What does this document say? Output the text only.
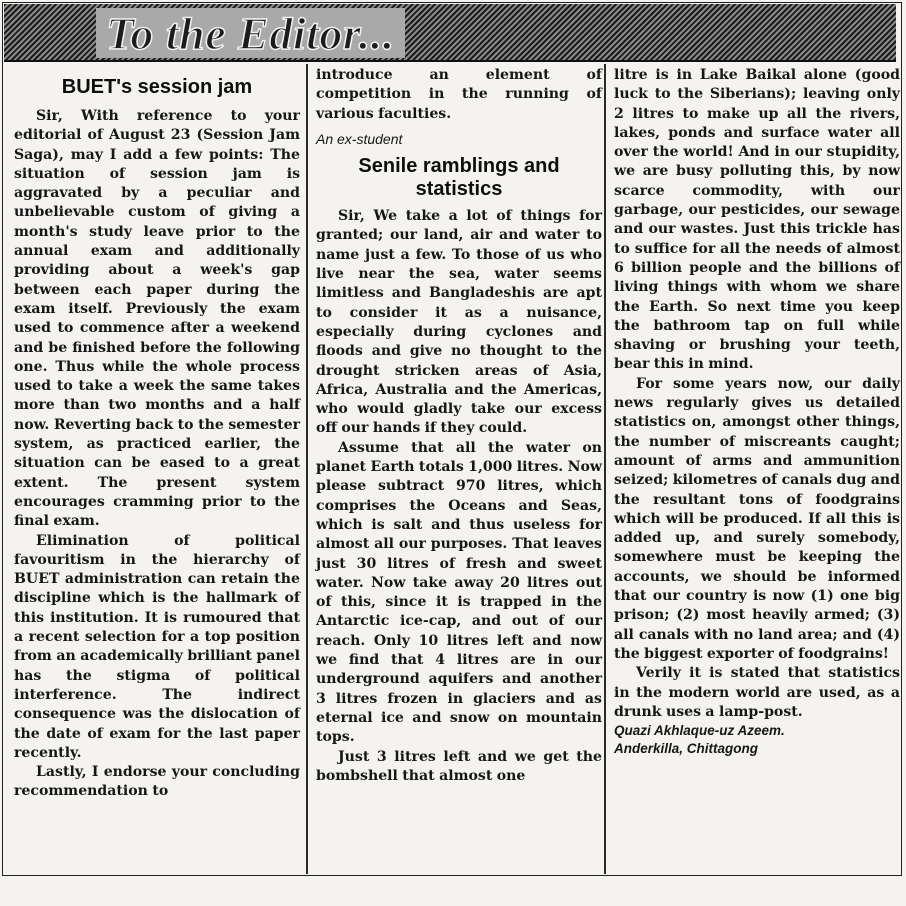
To the Editor...
BUET's session jam

Sir, With reference to your editorial of August 23 (Session Jam Saga), may I add a few points: The situation of session jam is aggravated by a peculiar and unbelievable custom of giving a month's study leave prior to the annual exam and additionally providing about a week's gap between each paper during the exam itself. Previously the exam used to commence after a weekend and be finished before the following one. Thus while the whole process used to take a week the same takes more than two months and a half now. Reverting back to the semester system, as practiced earlier, the situation can be eased to a great extent. The present system encourages cramming prior to the final exam.

Elimination of political favouritism in the hierarchy of BUET administration can retain the discipline which is the hallmark of this institution. It is rumoured that a recent selection for a top position from an academically brilliant panel has the stigma of political interference. The indirect consequence was the dislocation of the date of exam for the last paper recently.

Lastly, I endorse your concluding recommendation to

introduce an element of competition in the running of various faculties.

An ex-student

Senile ramblings and statistics

Sir, We take a lot of things for granted; our land, air and water to name just a few. To those of us who live near the sea, water seems limitless and Bangladeshis are apt to consider it as a nuisance, especially during cyclones and floods and give no thought to the drought stricken areas of Asia, Africa, Australia and the Americas, who would gladly take our excess off our hands if they could.

Assume that all the water on planet Earth totals 1,000 litres. Now please subtract 970 litres, which comprises the Oceans and Seas, which is salt and thus useless for almost all our purposes. That leaves just 30 litres of fresh and sweet water. Now take away 20 litres out of this, since it is trapped in the Antarctic ice-cap, and out of our reach. Only 10 litres left and now we find that 4 litres are in our underground aquifers and another 3 litres frozen in glaciers and as eternal ice and snow on mountain tops.

Just 3 litres left and we get the bombshell that almost one

litre is in Lake Baikal alone (good luck to the Siberians); leaving only 2 litres to make up all the rivers, lakes, ponds and surface water all over the world! And in our stupidity, we are busy polluting this, by now scarce commodity, with our garbage, our pesticides, our sewage and our wastes. Just this trickle has to suffice for all the needs of almost 6 billion people and the billions of living things with whom we share the Earth. So next time you keep the bathroom tap on full while shaving or brushing your teeth, bear this in mind.

For some years now, our daily news regularly gives us detailed statistics on, amongst other things, the number of miscreants caught; amount of arms and ammunition seized; kilometres of canals dug and the resultant tons of foodgrains which will be produced. If all this is added up, and surely somebody, somewhere must be keeping the accounts, we should be informed that our country is now (1) one big prison; (2) most heavily armed; (3) all canals with no land area; and (4) the biggest exporter of foodgrains!

Verily it is stated that statistics in the modern world are used, as a drunk uses a lamp-post.

Quazi Akhlaque-uz Azeem.

Anderkilla, Chittagong
